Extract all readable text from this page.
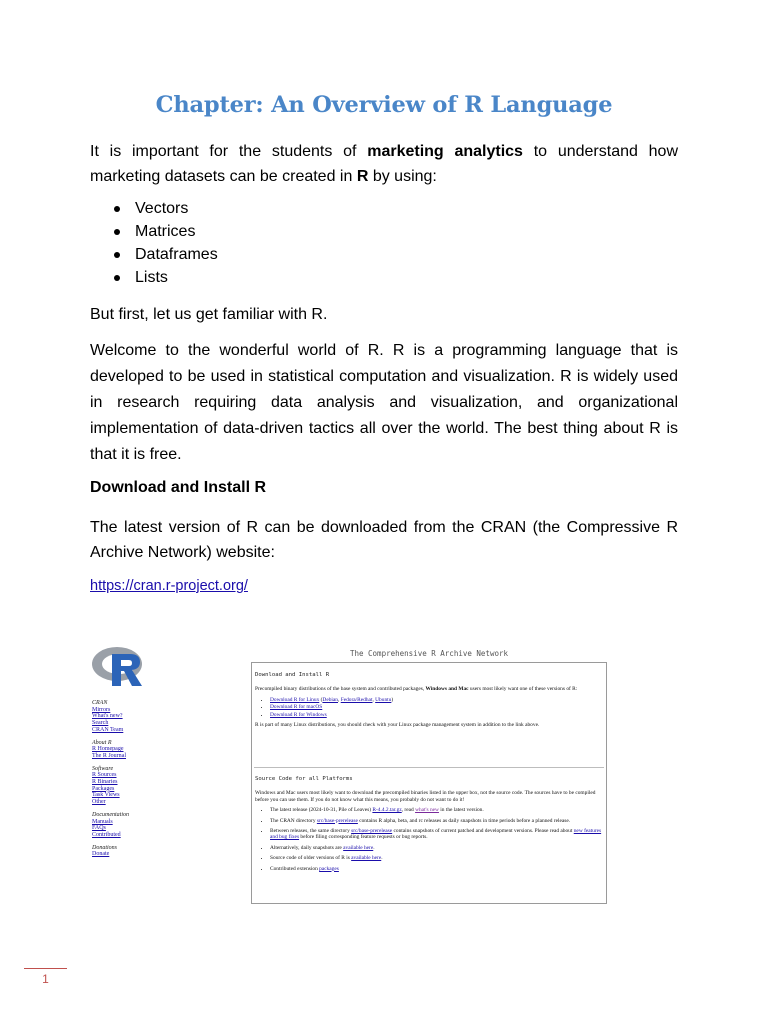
Chapter: An Overview of R Language

It is important for the students of marketing analytics to understand how marketing datasets can be created in R by using:

Vectors
Matrices
Dataframes
Lists

But first, let us get familiar with R.

Welcome to the wonderful world of R. R is a programming language that is developed to be used in statistical computation and visualization. R is widely used in research requiring data analysis and visualization, and organizational implementation of data-driven tactics all over the world. The best thing about R is that it is free.

Download and Install R

The latest version of R can be downloaded from the CRAN (the Compressive R Archive Network) website:

https://cran.r-project.org/
The Comprehensive R Archive Network
CRAN
Mirrors
What's new?
Search
CRAN Team
About R
R Homepage
The R Journal
Software
R Sources
R Binaries
Packages
Task Views
Other
Documentation
Manuals
FAQs
Contributed
Donations
Donate
Download and Install R
Precompiled binary distributions of the base system and contributed packages, Windows and Mac users most likely want one of these versions of R:
• Download R for Linux (Debian, Fedora/Redhat, Ubuntu)
• Download R for macOS
• Download R for Windows
R is part of many Linux distributions, you should check with your Linux package management system in addition to the link above.
Source Code for all Platforms
Windows and Mac users most likely want to download the precompiled binaries listed in the upper box, not the source code. The sources have to be compiled before you can use them. If you do not know what this means, you probably do not want to do it!
• The latest release (2024-10-31, Pile of Leaves) R-4.4.2.tar.gz, read what's new in the latest version.
• The CRAN directory src/base-prerelease contains R alpha, beta, and rc releases as daily snapshots in time periods before a planned release.
• Between releases, the same directory src/base-prerelease contains snapshots of current patched and development versions. Please read about new features and bug fixes before filing corresponding feature requests or bug reports.
• Alternatively, daily snapshots are available here.
• Source code of older versions of R is available here.
• Contributed extension packages
1
